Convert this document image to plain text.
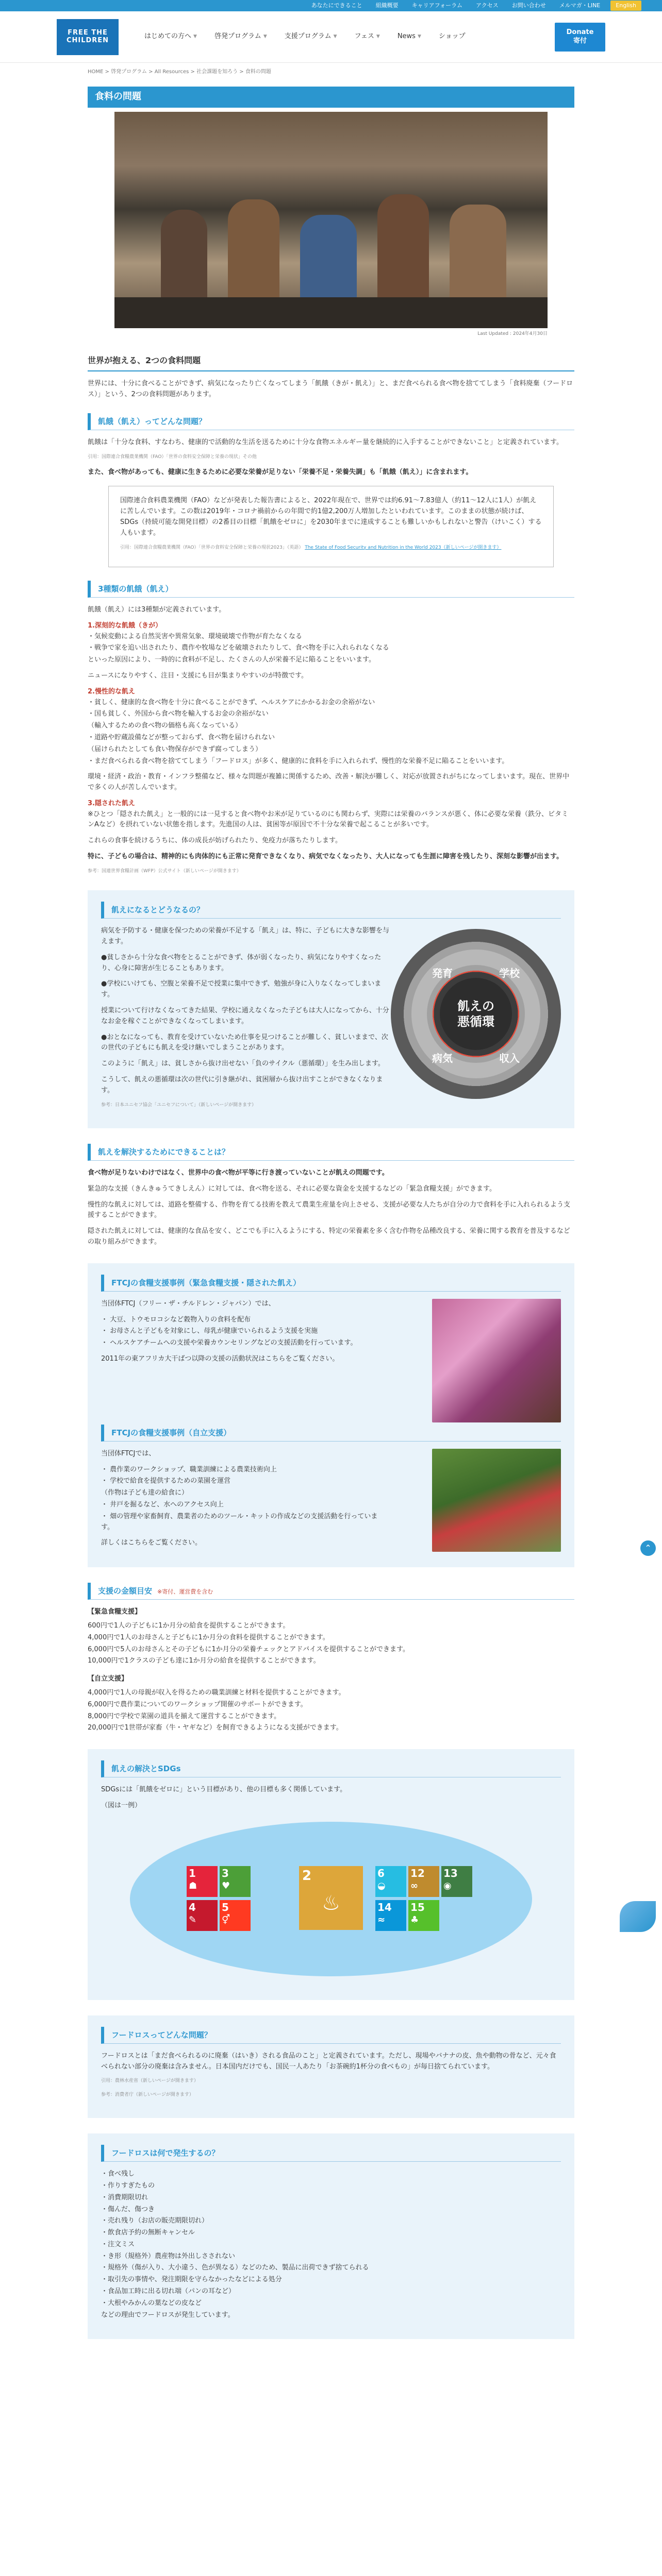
あなたにできること 組織概要 キャリアフォーラム アクセス お問い合わせ メルマガ・LINE	English
FREE THE
CHILDREN	はじめての方へ ▼	啓発プログラム ▼	支援プログラム ▼	フェス ▼	News ▼	ショップ
Donate
寄付
HOME > 啓発プログラム > All Resources > 社会課題を知ろう > 食料の問題
食料の問題
Last Updated : 2024年4月30日
世界が抱える、2つの食料問題

世界には、十分に食べることができず、病気になったり亡くなってしまう「飢餓（きが・飢え）」と、まだ食べられる食べ物を捨ててしまう「食料廃棄（フードロス）」という、2つの食料問題があります。

飢餓（飢え）ってどんな問題？

飢餓は「十分な食料、すなわち、健康的で活動的な生活を送るために十分な食物エネルギー量を継続的に入手することができないこと」と定義されています。

引用：国際連合食糧農業機関（FAO）「世界の食料安全保障と栄養の現状」その他

また、食べ物があっても、健康に生きるために必要な栄養が足りない「栄養不足・栄養失調」も「飢餓（飢え）」に含まれます。

国際連合食料農業機関（FAO）などが発表した報告書によると、2022年現在で、世界では約6.91〜7.83億人（約11〜12人に1人）が飢えに苦しんでいます。この数は2019年・コロナ禍前からの年間で約1億2,200万人増加したといわれています。このままの状態が続けば、SDGs（持続可能な開発目標）の2番目の目標「飢餓をゼロに」を2030年までに達成することも難しいかもしれないと警告（けいこく）する人もいます。

引用：国際連合食糧農業機関（FAO）「世界の食料安全保障と栄養の現状2023」（英語） The State of Food Security and Nutrition in the World 2023（新しいページが開きます）
3種類の飢餓（飢え）

飢餓（飢え）には3種類が定義されています。

1.深刻的な飢餓（きが）
・気候変動による自然災害や異常気象、環境破壊で作物が育たなくなる
・戦争で家を追い出されたり、農作や牧場などを破壊されたりして、食べ物を手に入れられなくなる
といった原因により、一時的に食料が不足し、たくさんの人が栄養不足に陥ることをいいます。

ニュースになりやすく、注目・支援にも目が集まりやすいのが特徴です。

2.慢性的な飢え
・貧しく、健康的な食べ物を十分に食べることができず、ヘルスケアにかかるお金の余裕がない
・国も貧しく、外国から食べ物を輸入するお金の余裕がない
（輸入するための食べ物の価格も高くなっている）
・道路や貯蔵設備などが整っておらず、食べ物を届けられない
（届けられたとしても食い物保存ができず腐ってしまう）
・まだ食べられる食べ物を捨ててしまう「フードロス」が多く、健康的に食料を手に入れられず、慢性的な栄養不足に陥ることをいいます。

環境・経済・政治・教育・インフラ整備など、様々な問題が複雑に関係するため、改善・解決が難しく、対応が放置されがちになってしまいます。現在、世界中で多くの人が苦しんでいます。

3.隠された飢え

※ひとつ「隠された飢え」と一般的には一見すると食べ物やお米が足りているのにも関わらず、実際には栄養のバランスが悪く、体に必要な栄養（鉄分、ビタミンAなど）を摂れていない状態を指します。先進国の人は、貧困等が原因で不十分な栄養で起こることが多いです。

これらの食事を続けるうちに、体の成長が妨げられたり、免疫力が落ちたりします。

特に、子どもの場合は、精神的にも肉体的にも正常に発育できなくなり、病気でなくなったり、大人になっても生涯に障害を残したり、深刻な影響が出ます。

参考：国連世界食糧計画（WFP）公式サイト（新しいページが開きます）
飢えになるとどうなるの？

病気を予防する・健康を保つための栄養が不足する「飢え」は、特に、子どもに大きな影響を与えます。

●貧しさから十分な食べ物をとることができず、体が弱くなったり、病気になりやすくなったり、心身に障害が生じることもあります。

●学校にいけても、空腹と栄養不足で授業に集中できず、勉強が身に入りなくなってしまいます。

授業について行けなくなってきた結果、学校に通えなくなった子どもは大人になってから、十分なお金を稼ぐことができなくなってしまいます。

●おとなになっても、教育を受けていないため仕事を見つけることが難しく、貧しいままで、次の世代の子どもにも飢えを受け継いでしまうことがあります。

このように「飢え」は、貧しさから抜け出せない「負のサイクル（悪循環）」を生み出します。

こうして、飢えの悪循環は次の世代に引き継がれ、貧困層から抜け出すことができなくなります。

参考：日本ユニセフ協会「ユニセフについて」（新しいページが開きます）
発育	学校
収入
病気
飢えの
悪循環
飢えを解決するためにできることは？

食べ物が足りないわけではなく、世界中の食べ物が平等に行き渡っていないことが飢えの問題です。

緊急的な支援（きんきゅうてきしえん）に対しては、食べ物を送る、それに必要な資金を支援するなどの「緊急食糧支援」ができます。

慢性的な飢えに対しては、道路を整備する、作物を育てる技術を教えて農業生産量を向上させる、支援が必要な人たちが自分の力で食料を手に入れられるよう支援することができます。

隠された飢えに対しては、健康的な食品を安く、どこでも手に入るようにする、特定の栄養素を多く含む作物を品種改良する、栄養に関する教育を普及するなどの取り組みができます。

FTCJの食糧支援事例（緊急食糧支援・隠された飢え）

当団体FTCJ（フリー・ザ・チルドレン・ジャパン）では、

・ 大豆、トウモロコシなど穀物入りの食料を配布
・ お母さんと子どもを対象にし、母乳が健康でいられるよう支援を実施
・ ヘルスケアチームへの支援や栄養カウンセリングなどの支援活動を行っています。

2011年の東アフリカ大干ばつ以降の支援の活動状況はこちらをご覧ください。

FTCJの食糧支援事例（自立支援）

当団体FTCJでは、

・ 農作業のワークショップ、職業訓練による農業技術向上
・ 学校で給食を提供するための菜園を運営
（作物は子ども達の給食に）
・ 井戸を掘るなど、水へのアクセス向上
・ 畑の管理や家畜飼育、農業者のためのツール・キットの作成などの支援活動を行っています。

詳しくはこちらをご覧ください。

支援の金額目安 ※寄付、運営費を含む
【緊急食糧支援】

600円で1人の子どもに1か月分の給食を提供することができます。

4,000円で1人のお母さんと子どもに1か月分の食料を提供することができます。

6,000円で5人のお母さんとその子どもに1か月分の栄養チェックとアドバイスを提供することができます。

10,000円で1クラスの子ども達に1か月分の給食を提供することができます。

【自立支援】

4,000円で1人の母親が収入を得るための職業訓練と材料を提供することができます。

6,000円で農作業についてのワークショップ開催のサポートができます。

8,000円で学校で菜園の道具を揃えて運営することができます。

20,000円で1世帯が家畜（牛・ヤギなど）を飼育できるようになる支援ができます。

飢えの解決とSDGs

SDGsには「飢餓をゼロに」という目標があり、他の目標も多く関係しています。

（図は一例）

1
☗
3
♥
4
✎
5
⚥
2
♨
6
◒
12
∞
13
◉
14
≈
15
♣
フードロスってどんな問題？

フードロスとは「まだ食べられるのに廃棄（はいき）される食品のこと」と定義されています。ただし、現場やバナナの皮、魚や動物の骨など、元々食べられない部分の廃棄は含みません。日本国内だけでも、国民一人あたり「お茶碗約1杯分の食べもの」が毎日捨てられています。

引用：農林水産省（新しいページが開きます）
参考：消費者庁（新しいページが開きます）
フードロスは何で発生するの？
・食べ残し
・作りすぎたもの
・消費期限切れ
・傷んだ、傷つき
・売れ残り（お店の販売期限切れ）
・飲食店予約の無断キャンセル
・注文ミス
・き形（規格外）農産物は外出しさされない
・規格外（傷が入り、大小違う、色が異なる）などのため、製品に出荷できず捨てられる
・取引先の事情や、発注期限を守らなかったなどによる処分
・食品加工時に出る切れ端（パンの耳など）
・大根やみかんの葉などの皮など
などの理由でフードロスが発生しています。
⌃
